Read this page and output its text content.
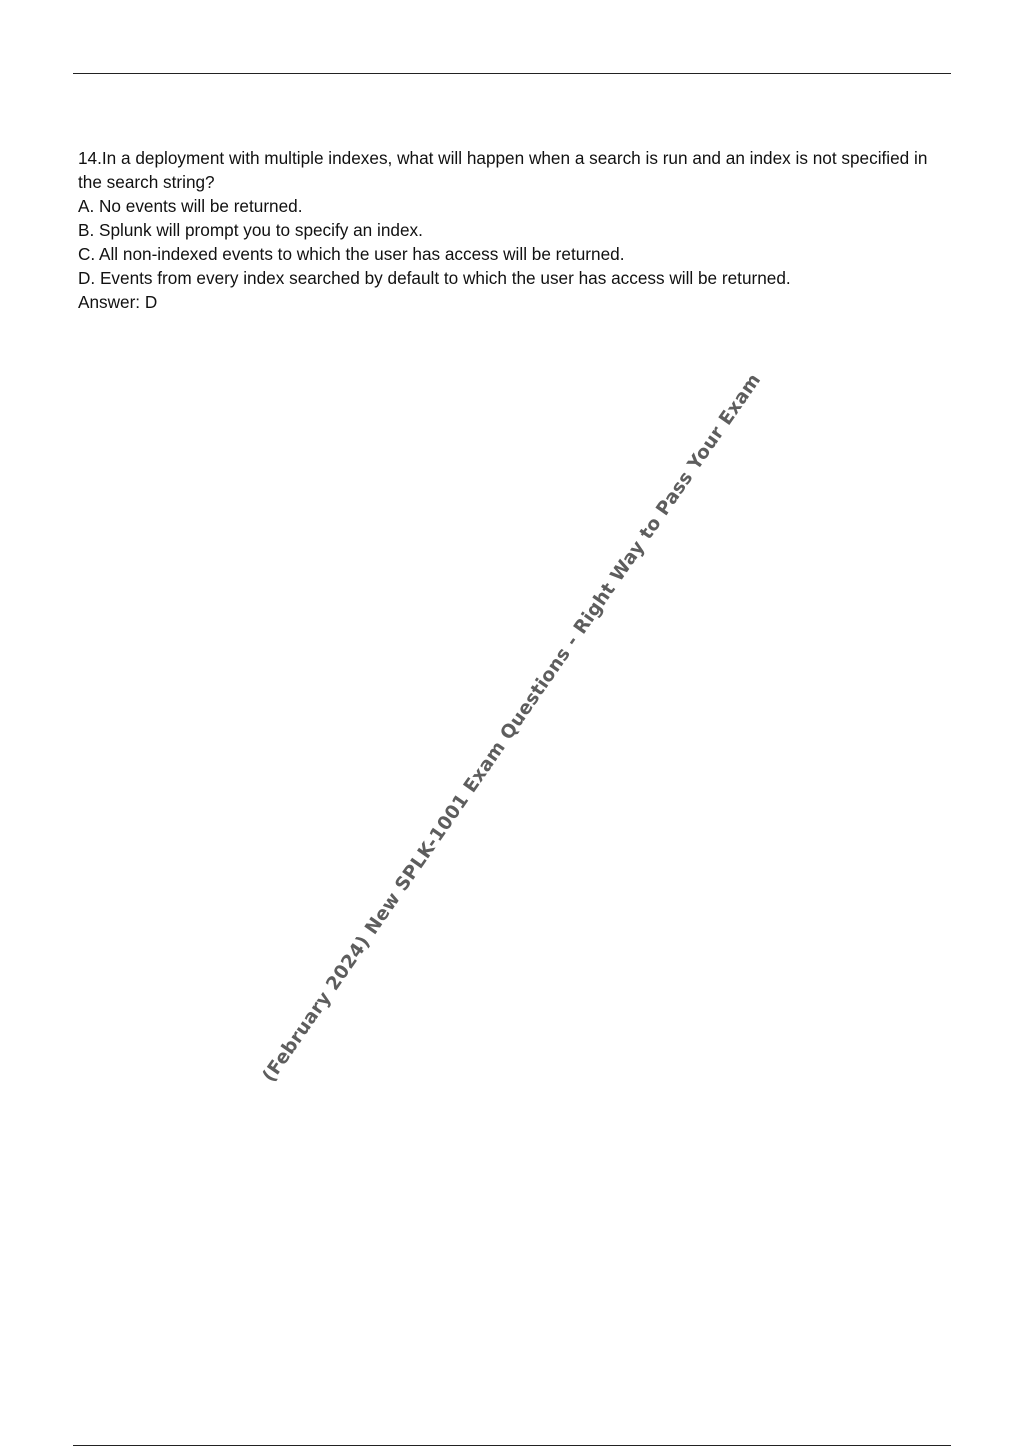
14.In a deployment with multiple indexes, what will happen when a search is run and an index is not specified in the search string?

A. No events will be returned.

B. Splunk will prompt you to specify an index.

C. All non-indexed events to which the user has access will be returned.

D. Events from every index searched by default to which the user has access will be returned.

Answer: D

(February 2024) New SPLK-1001 Exam Questions - Right Way to Pass Your Exam
